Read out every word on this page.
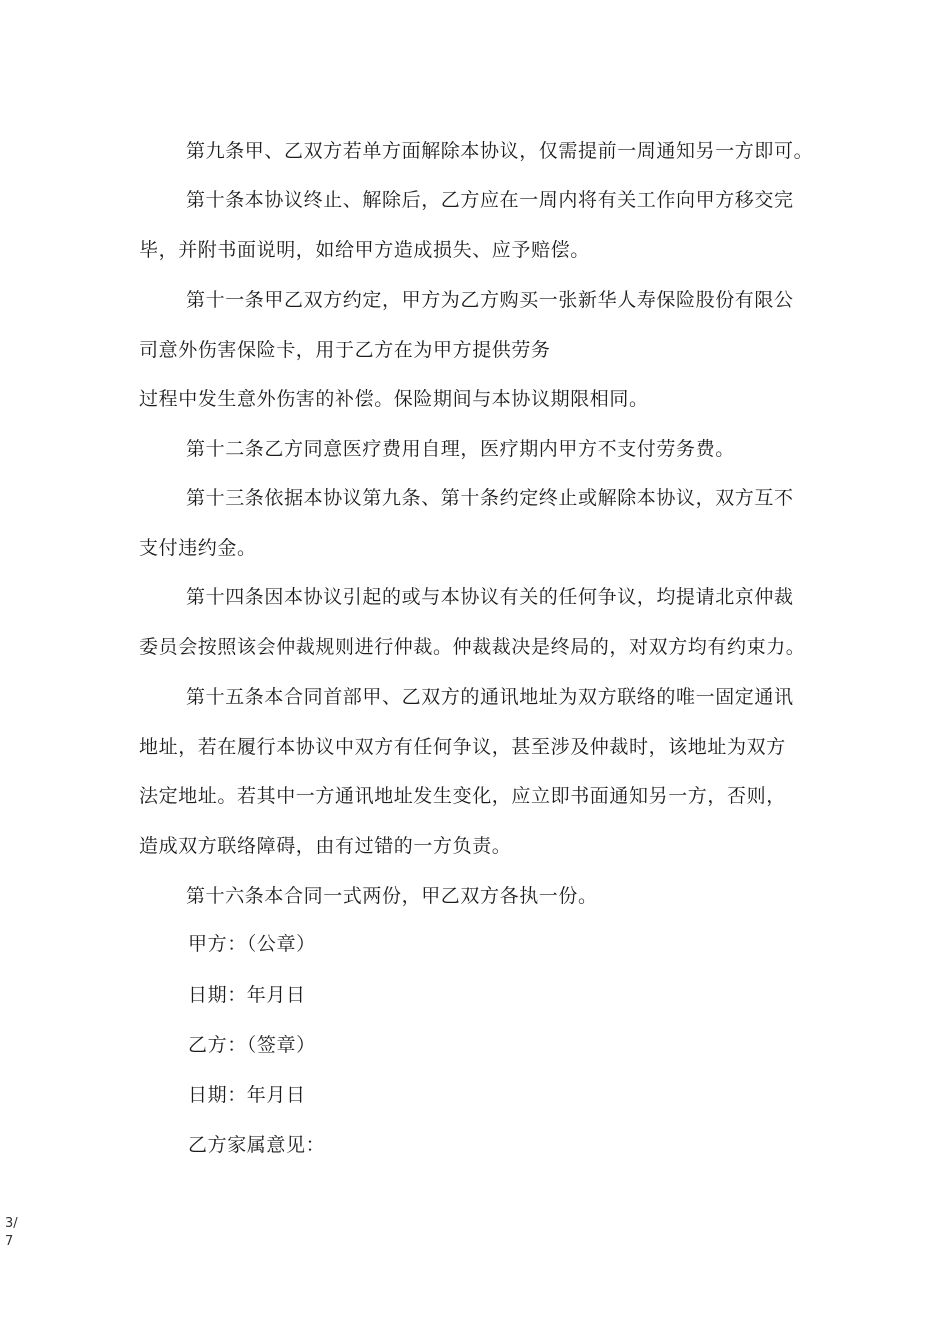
第九条甲、乙双方若单方面解除本协议，仅需提前一周通知另一方即可。
第十条本协议终止、解除后，乙方应在一周内将有关工作向甲方移交完
毕，并附书面说明，如给甲方造成损失、应予赔偿。
第十一条甲乙双方约定，甲方为乙方购买一张新华人寿保险股份有限公
司意外伤害保险卡，用于乙方在为甲方提供劳务
过程中发生意外伤害的补偿。保险期间与本协议期限相同。
第十二条乙方同意医疗费用自理，医疗期内甲方不支付劳务费。
第十三条依据本协议第九条、第十条约定终止或解除本协议，双方互不
支付违约金。
第十四条因本协议引起的或与本协议有关的任何争议，均提请北京仲裁
委员会按照该会仲裁规则进行仲裁。仲裁裁决是终局的，对双方均有约束力。
第十五条本合同首部甲、乙双方的通讯地址为双方联络的唯一固定通讯
地址，若在履行本协议中双方有任何争议，甚至涉及仲裁时，该地址为双方
法定地址。若其中一方通讯地址发生变化，应立即书面通知另一方，否则，
造成双方联络障碍，由有过错的一方负责。
第十六条本合同一式两份，甲乙双方各执一份。
甲方：（公章）
日期：年月日
乙方：（签章）
日期：年月日
乙方家属意见：
3/
7
